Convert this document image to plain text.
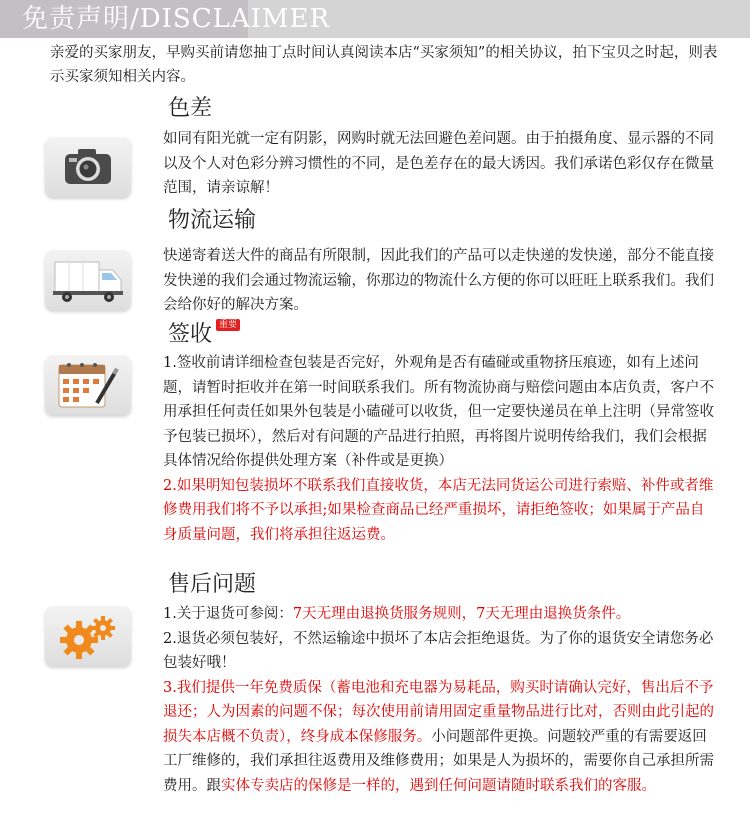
免责声明/DISCLAIMER
亲爱的买家朋友，早购买前请您抽丁点时间认真阅读本店“买家须知”的相关协议，拍下宝贝之时起，则表示买家须知相关内容。
色差

如同有阳光就一定有阴影，网购时就无法回避色差问题。由于拍摄角度、显示器的不同以及个人对色彩分辨习惯性的不同，是色差存在的最大诱因。我们承诺色彩仅存在微量范围，请亲谅解！

物流运输

快递寄着送大件的商品有所限制，因此我们的产品可以走快递的发快递，部分不能直接发快递的我们会通过物流运输，你那边的物流什么方便的你可以旺旺上联系我们。我们会给你好的解决方案。

签收 重要

1.签收前请详细检查包装是否完好，外观角是否有磕碰或重物挤压痕迹，如有上述问题，请暂时拒收并在第一时间联系我们。所有物流协商与赔偿问题由本店负责，客户不用承担任何责任如果外包装是小磕碰可以收货，但一定要快递员在单上注明（异常签收予包装已损坏），然后对有问题的产品进行拍照，再将图片说明传给我们，我们会根据具体情况给你提供处理方案（补件或是更换）

2.如果明知包装损坏不联系我们直接收货，本店无法同货运公司进行索赔、补件或者维修费用我们将不予以承担;如果检查商品已经严重损坏，请拒绝签收；如果属于产品自身质量问题，我们将承担往返运费。

售后问题

1.关于退货可参阅：7天无理由退换货服务规则，7天无理由退换货条件。

2.退货必须包装好，不然运输途中损坏了本店会拒绝退货。为了你的退货安全请您务必包装好哦！

3.我们提供一年免费质保（蓄电池和充电器为易耗品，购买时请确认完好，售出后不予退还；人为因素的问题不保；每次使用前请用固定重量物品进行比对，否则由此引起的损失本店概不负责），终身成本保修服务。小问题部件更换。问题较严重的有需要返回工厂维修的，我们承担往返费用及维修费用；如果是人为损坏的，需要你自己承担所需费用。跟实体专卖店的保修是一样的，遇到任何问题请随时联系我们的客服。
